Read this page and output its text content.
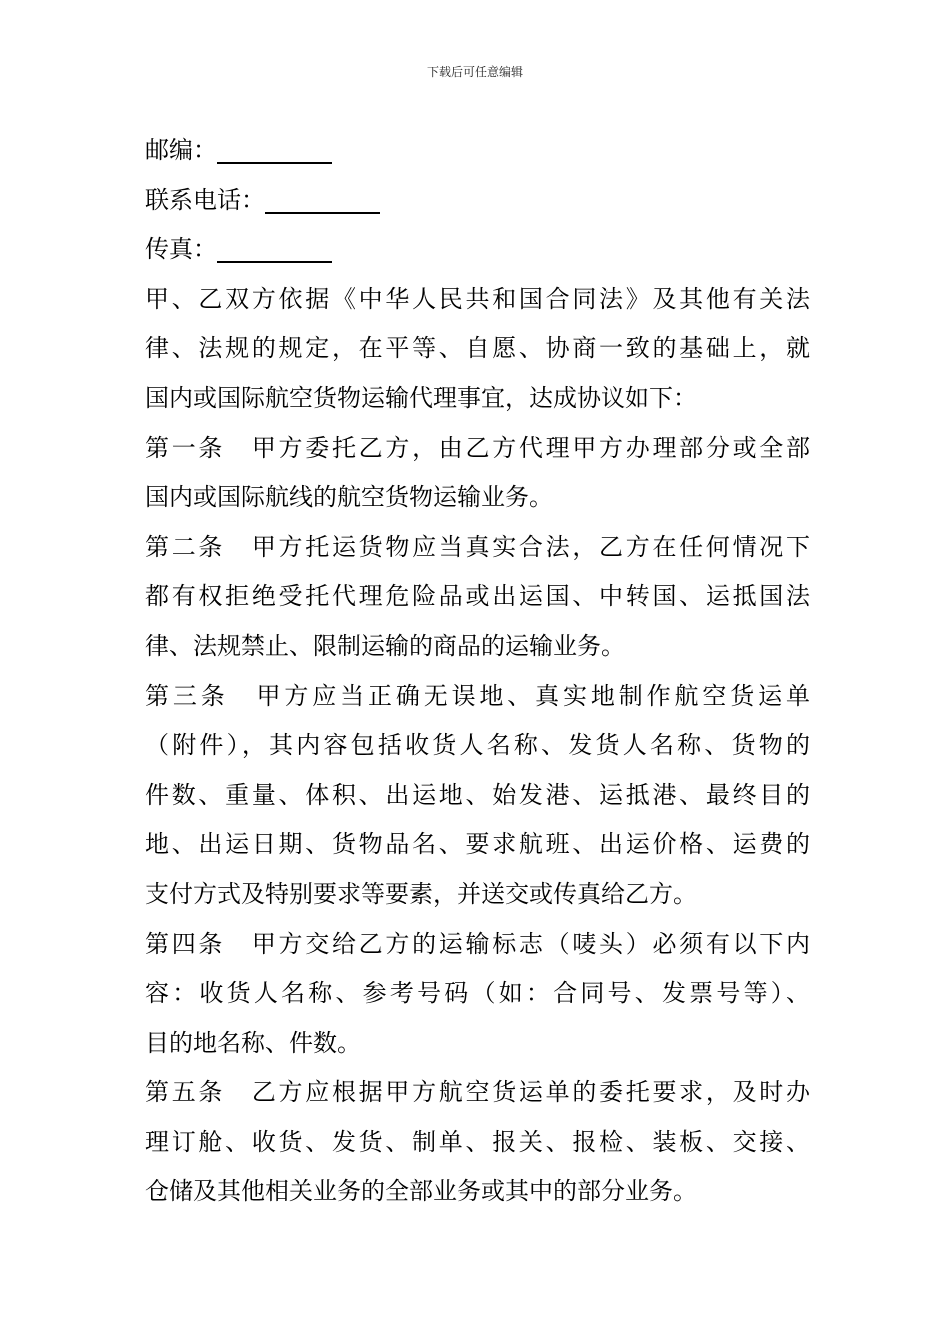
下载后可任意编辑
邮编：
联系电话：
传真：
甲、乙双方依据《中华人民共和国合同法》及其他有关法
律、法规的规定，在平等、自愿、协商一致的基础上，就
国内或国际航空货物运输代理事宜，达成协议如下：
第一条　甲方委托乙方，由乙方代理甲方办理部分或全部
国内或国际航线的航空货物运输业务。
第二条　甲方托运货物应当真实合法，乙方在任何情况下
都有权拒绝受托代理危险品或出运国、中转国、运抵国法
律、法规禁止、限制运输的商品的运输业务。
第三条　甲方应当正确无误地、真实地制作航空货运单
（附件），其内容包括收货人名称、发货人名称、货物的
件数、重量、体积、出运地、始发港、运抵港、最终目的
地、出运日期、货物品名、要求航班、出运价格、运费的
支付方式及特别要求等要素，并送交或传真给乙方。
第四条　甲方交给乙方的运输标志（唛头）必须有以下内
容：收货人名称、参考号码（如：合同号、发票号等）、
目的地名称、件数。
第五条　乙方应根据甲方航空货运单的委托要求，及时办
理订舱、收货、发货、制单、报关、报检、装板、交接、
仓储及其他相关业务的全部业务或其中的部分业务。
